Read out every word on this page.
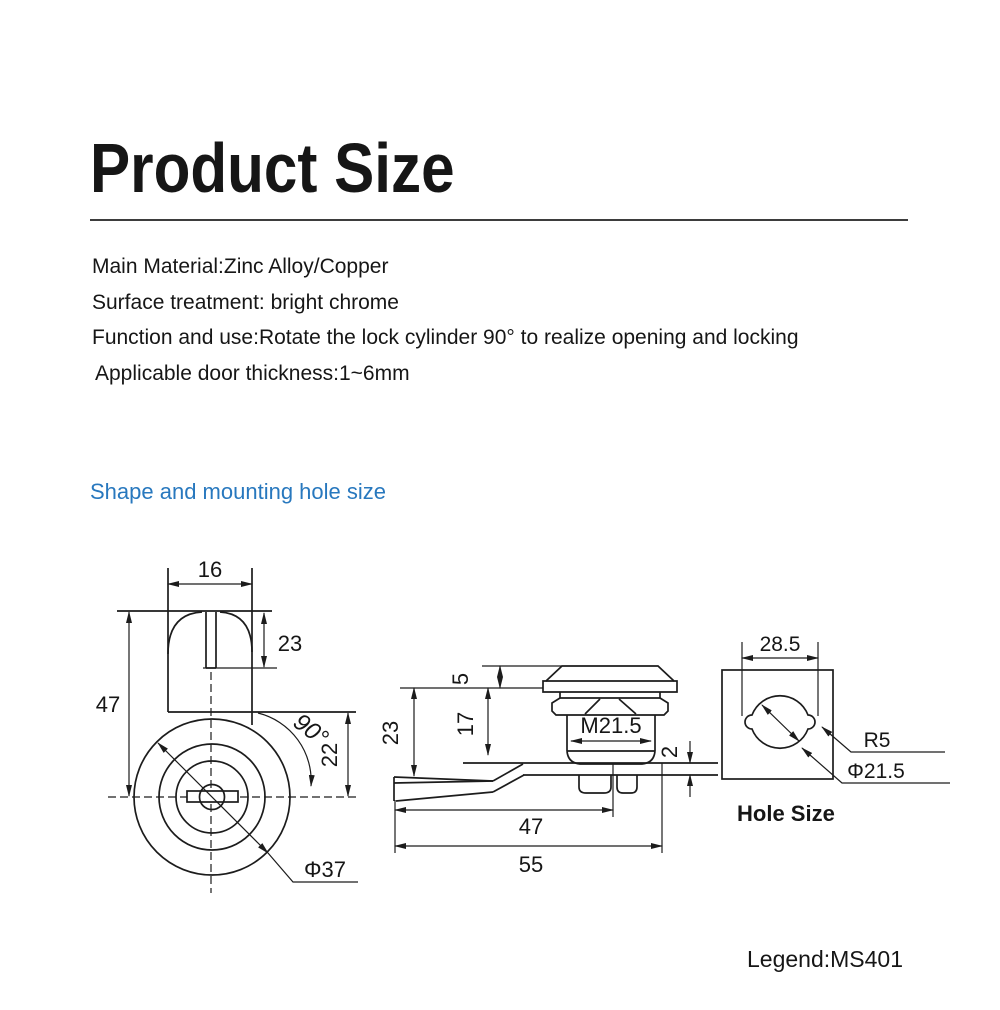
Product Size

Main Material:Zinc Alloy/Copper

Surface treatment: bright chrome

Function and use:Rotate the lock cylinder 90° to realize opening and locking

Applicable door thickness:1~6mm

Shape and mounting hole size
16
23
47
90°
22
Φ37
M21.5
5
17
23
2
47
55
28.5
R5
Φ21.5
Hole Size
Legend:MS401
